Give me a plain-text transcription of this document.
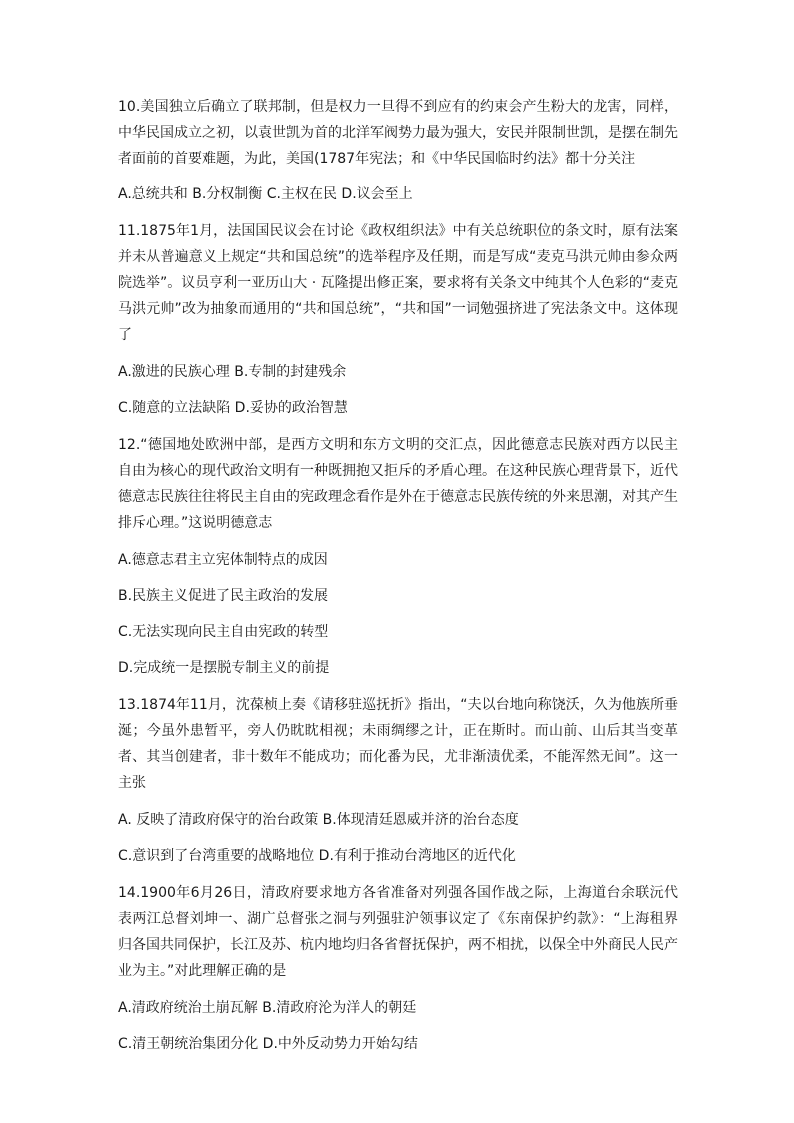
10.美国独立后确立了联邦制，但是权力一旦得不到应有的约束会产生粉大的龙害，同样，中华民国成立之初，以袁世凯为首的北洋军阀势力最为强大，安民并限制世凯，是摆在制先者面前的首要难题，为此，美国(1787年宪法；和《中华民国临时约法》都十分关注

A.总统共和 B.分权制衡 C.主权在民 D.议会至上

11.1875年1月，法国国民议会在讨论《政权组织法》中有关总统职位的条文时，原有法案并未从普遍意义上规定“共和国总统”的选举程序及任期，而是写成“麦克马洪元帅由参众两院选举”。议员亨利一亚历山大 · 瓦隆提出修正案，要求将有关条文中纯其个人色彩的“麦克马洪元帅”改为抽象而通用的“共和国总统”，“共和国”一词勉强挤进了宪法条文中。这体现了

A.激进的民族心理 B.专制的封建残余

C.随意的立法缺陷 D.妥协的政治智慧

12.“德国地处欧洲中部，是西方文明和东方文明的交汇点，因此德意志民族对西方以民主自由为核心的现代政治文明有一种既拥抱又拒斥的矛盾心理。在这种民族心理背景下，近代德意志民族往往将民主自由的宪政理念看作是外在于德意志民族传统的外来思潮，对其产生排斥心理。”这说明德意志

A.德意志君主立宪体制特点的成因

B.民族主义促进了民主政治的发展

C.无法实现向民主自由宪政的转型

D.完成统一是摆脱专制主义的前提

13.1874年11月，沈葆桢上奏《请移驻巡抚折》指出，“夫以台地向称饶沃，久为他族所垂涎；今虽外患暂平，旁人仍眈眈相视；未雨绸缪之计，正在斯时。而山前、山后其当变革者、其当创建者，非十数年不能成功；而化番为民，尤非渐渍优柔，不能浑然无间”。这一主张

A. 反映了清政府保守的治台政策 B.体现清廷恩威并济的治台态度

C.意识到了台湾重要的战略地位 D.有利于推动台湾地区的近代化

14.1900年6月26日，清政府要求地方各省准备对列强各国作战之际，上海道台余联沅代表两江总督刘坤一、湖广总督张之洞与列强驻沪领事议定了《东南保护约款》：“上海租界归各国共同保护，长江及苏、杭内地均归各省督抚保护，两不相扰，以保全中外商民人民产业为主。”对此理解正确的是

A.清政府统治土崩瓦解 B.清政府沦为洋人的朝廷

C.清王朝统治集团分化 D.中外反动势力开始勾结
